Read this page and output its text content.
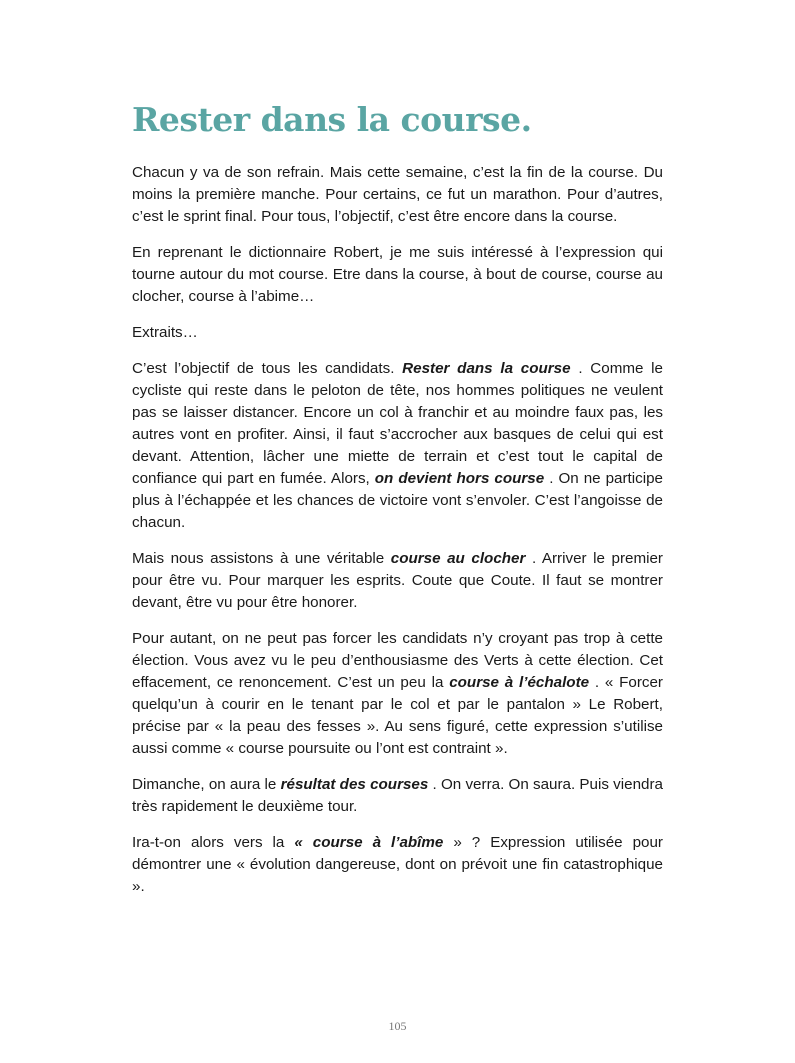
Rester dans la course.

Chacun y va de son refrain. Mais cette semaine, c’est la fin de la course. Du moins la première manche. Pour certains, ce fut un marathon. Pour d’autres, c’est le sprint final. Pour tous, l’objectif, c’est être encore dans la course.

En reprenant le dictionnaire Robert, je me suis intéressé à l’expression qui tourne autour du mot course. Etre dans la course, à bout de course, course au clocher, course à l’abime…

Extraits…

C’est l’objectif de tous les candidats. Rester dans la course . Comme le cycliste qui reste dans le peloton de tête, nos hommes politiques ne veulent pas se laisser distancer. Encore un col à franchir et au moindre faux pas, les autres vont en profiter. Ainsi, il faut s’accrocher aux basques de celui qui est devant. Attention, lâcher une miette de terrain et c’est tout le capital de confiance qui part en fumée. Alors, on devient hors course . On ne participe plus à l’échappée et les chances de victoire vont s’envoler. C’est l’angoisse de chacun.

Mais nous assistons à une véritable course au clocher . Arriver le premier pour être vu. Pour marquer les esprits. Coute que Coute. Il faut se montrer devant, être vu pour être honorer.

Pour autant, on ne peut pas forcer les candidats n’y croyant pas trop à cette élection. Vous avez vu le peu d’enthousiasme des Verts à cette élection. Cet effacement, ce renoncement. C’est un peu la course à l’échalote . « Forcer quelqu’un à courir en le tenant par le col et par le pantalon » Le Robert, précise par « la peau des fesses ». Au sens figuré, cette expression s’utilise aussi comme « course poursuite ou l’ont est contraint ».

Dimanche, on aura le résultat des courses . On verra. On saura. Puis viendra très rapidement le deuxième tour.

Ira-t-on alors vers la « course à l’abîme » ? Expression utilisée pour démontrer une « évolution dangereuse, dont on prévoit une fin catastrophique ».

105
